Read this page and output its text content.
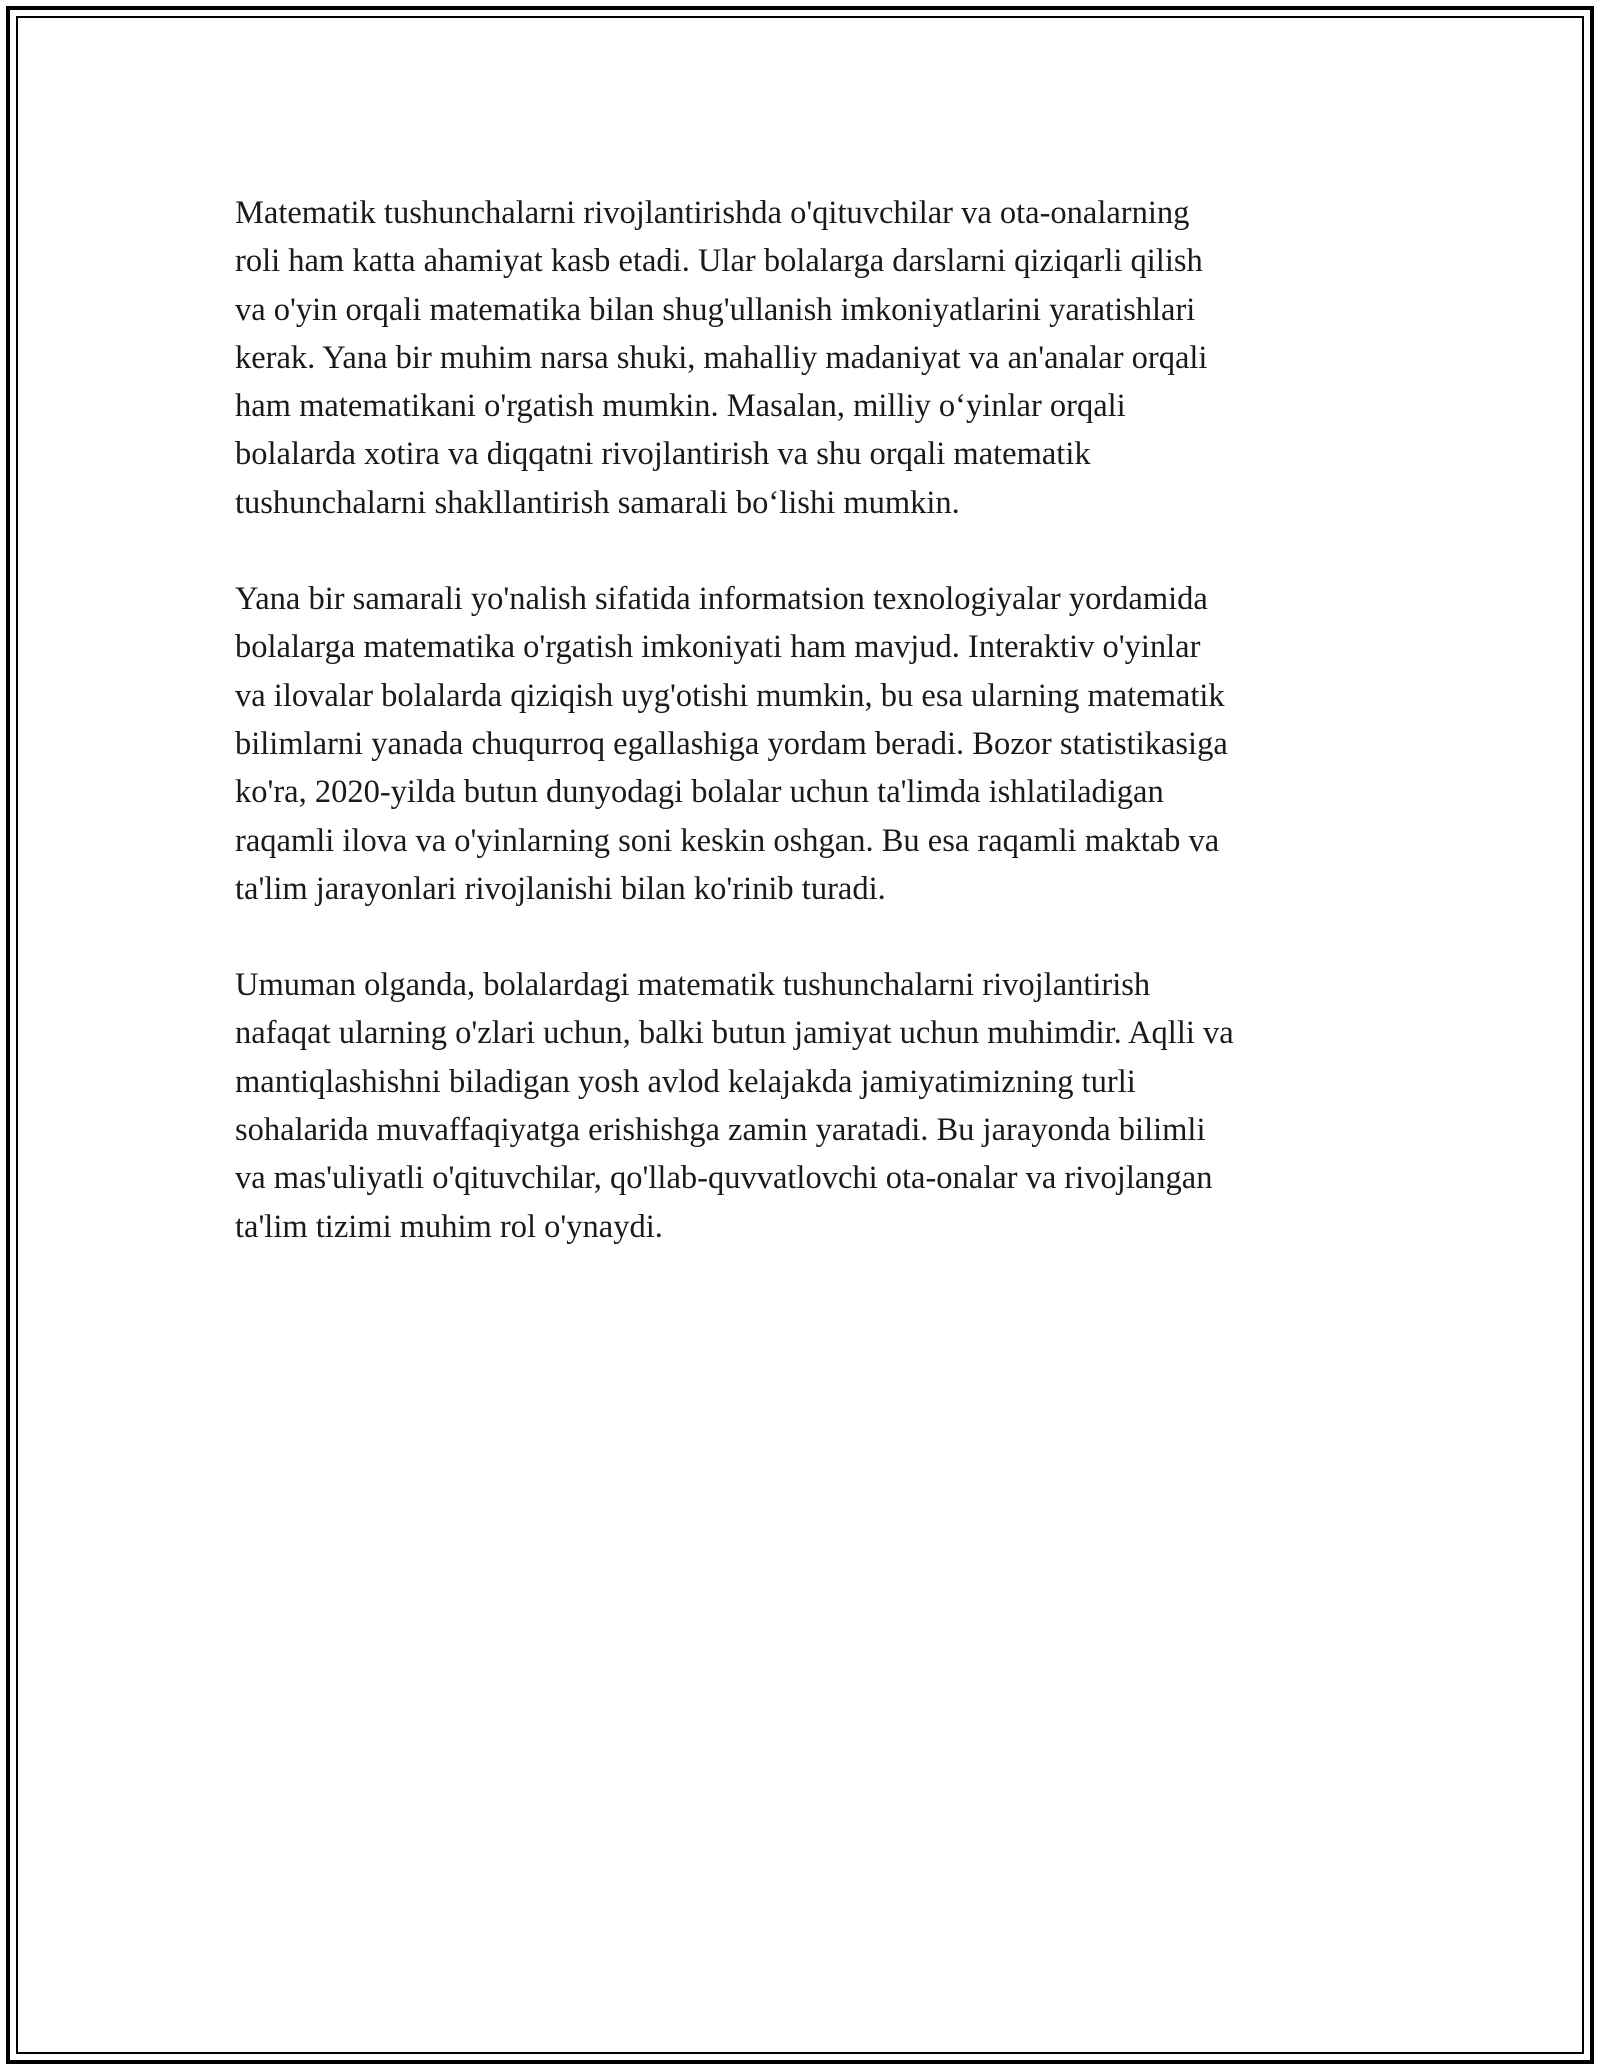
Matematik tushunchalarni rivojlantirishda o'qituvchilar va ota-onalarning
roli ham katta ahamiyat kasb etadi. Ular bolalarga darslarni qiziqarli qilish
va o'yin orqali matematika bilan shug'ullanish imkoniyatlarini yaratishlari
kerak. Yana bir muhim narsa shuki, mahalliy madaniyat va an'analar orqali
ham matematikani o'rgatish mumkin. Masalan, milliy o‘yinlar orqali
bolalarda xotira va diqqatni rivojlantirish va shu orqali matematik
tushunchalarni shakllantirish samarali bo‘lishi mumkin.

Yana bir samarali yo'nalish sifatida informatsion texnologiyalar yordamida
bolalarga matematika o'rgatish imkoniyati ham mavjud. Interaktiv o'yinlar
va ilovalar bolalarda qiziqish uyg'otishi mumkin, bu esa ularning matematik
bilimlarni yanada chuqurroq egallashiga yordam beradi. Bozor statistikasiga
ko'ra, 2020-yilda butun dunyodagi bolalar uchun ta'limda ishlatiladigan
raqamli ilova va o'yinlarning soni keskin oshgan. Bu esa raqamli maktab va
ta'lim jarayonlari rivojlanishi bilan ko'rinib turadi.

Umuman olganda, bolalardagi matematik tushunchalarni rivojlantirish
nafaqat ularning o'zlari uchun, balki butun jamiyat uchun muhimdir. Aqlli va
mantiqlashishni biladigan yosh avlod kelajakda jamiyatimizning turli
sohalarida muvaffaqiyatga erishishga zamin yaratadi. Bu jarayonda bilimli
va mas'uliyatli o'qituvchilar, qo'llab-quvvatlovchi ota-onalar va rivojlangan
ta'lim tizimi muhim rol o'ynaydi.
